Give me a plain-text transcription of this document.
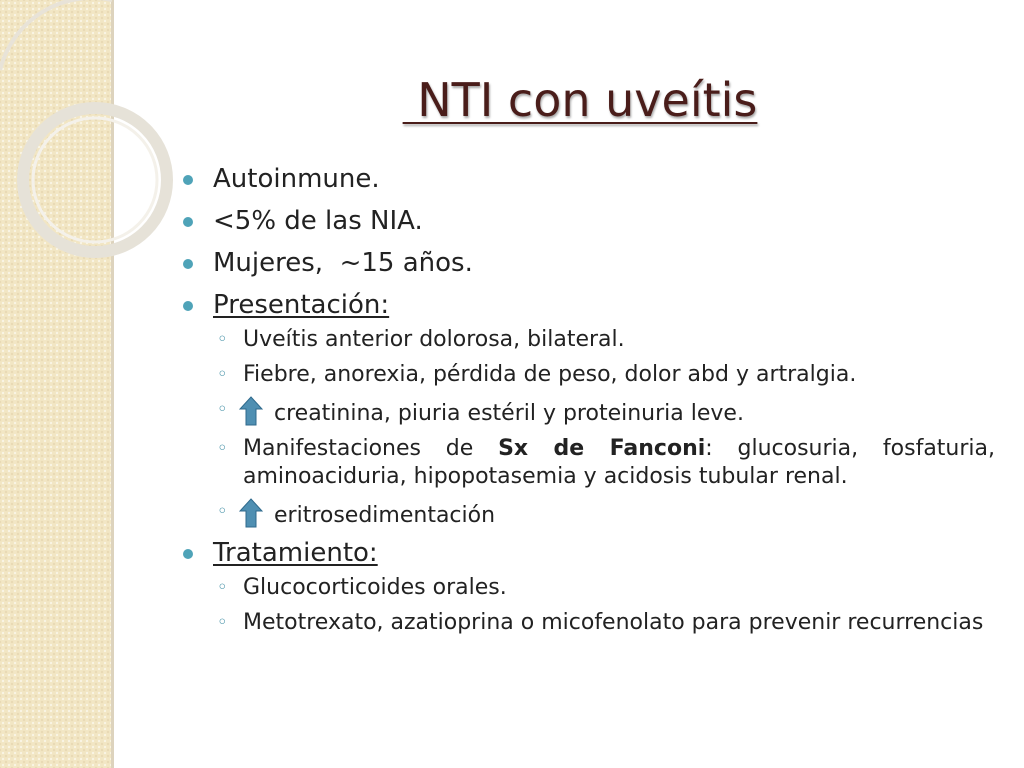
NTI con uveítis
Autoinmune.
<5% de las NIA.
Mujeres,  ~15 años.
Presentación:
◦ Uveítis anterior dolorosa, bilateral.
◦ Fiebre, anorexia, pérdida de peso, dolor abd y artralgia.
◦ creatinina, piuria estéril y proteinuria leve.
◦ Manifestaciones de Sx de Fanconi: glucosuria, fosfaturia, aminoaciduria, hipopotasemia y acidosis tubular renal.
◦ eritrosedimentación
Tratamiento:
◦ Glucocorticoides orales.
◦ Metotrexato, azatioprina o micofenolato para prevenir recurrencias
